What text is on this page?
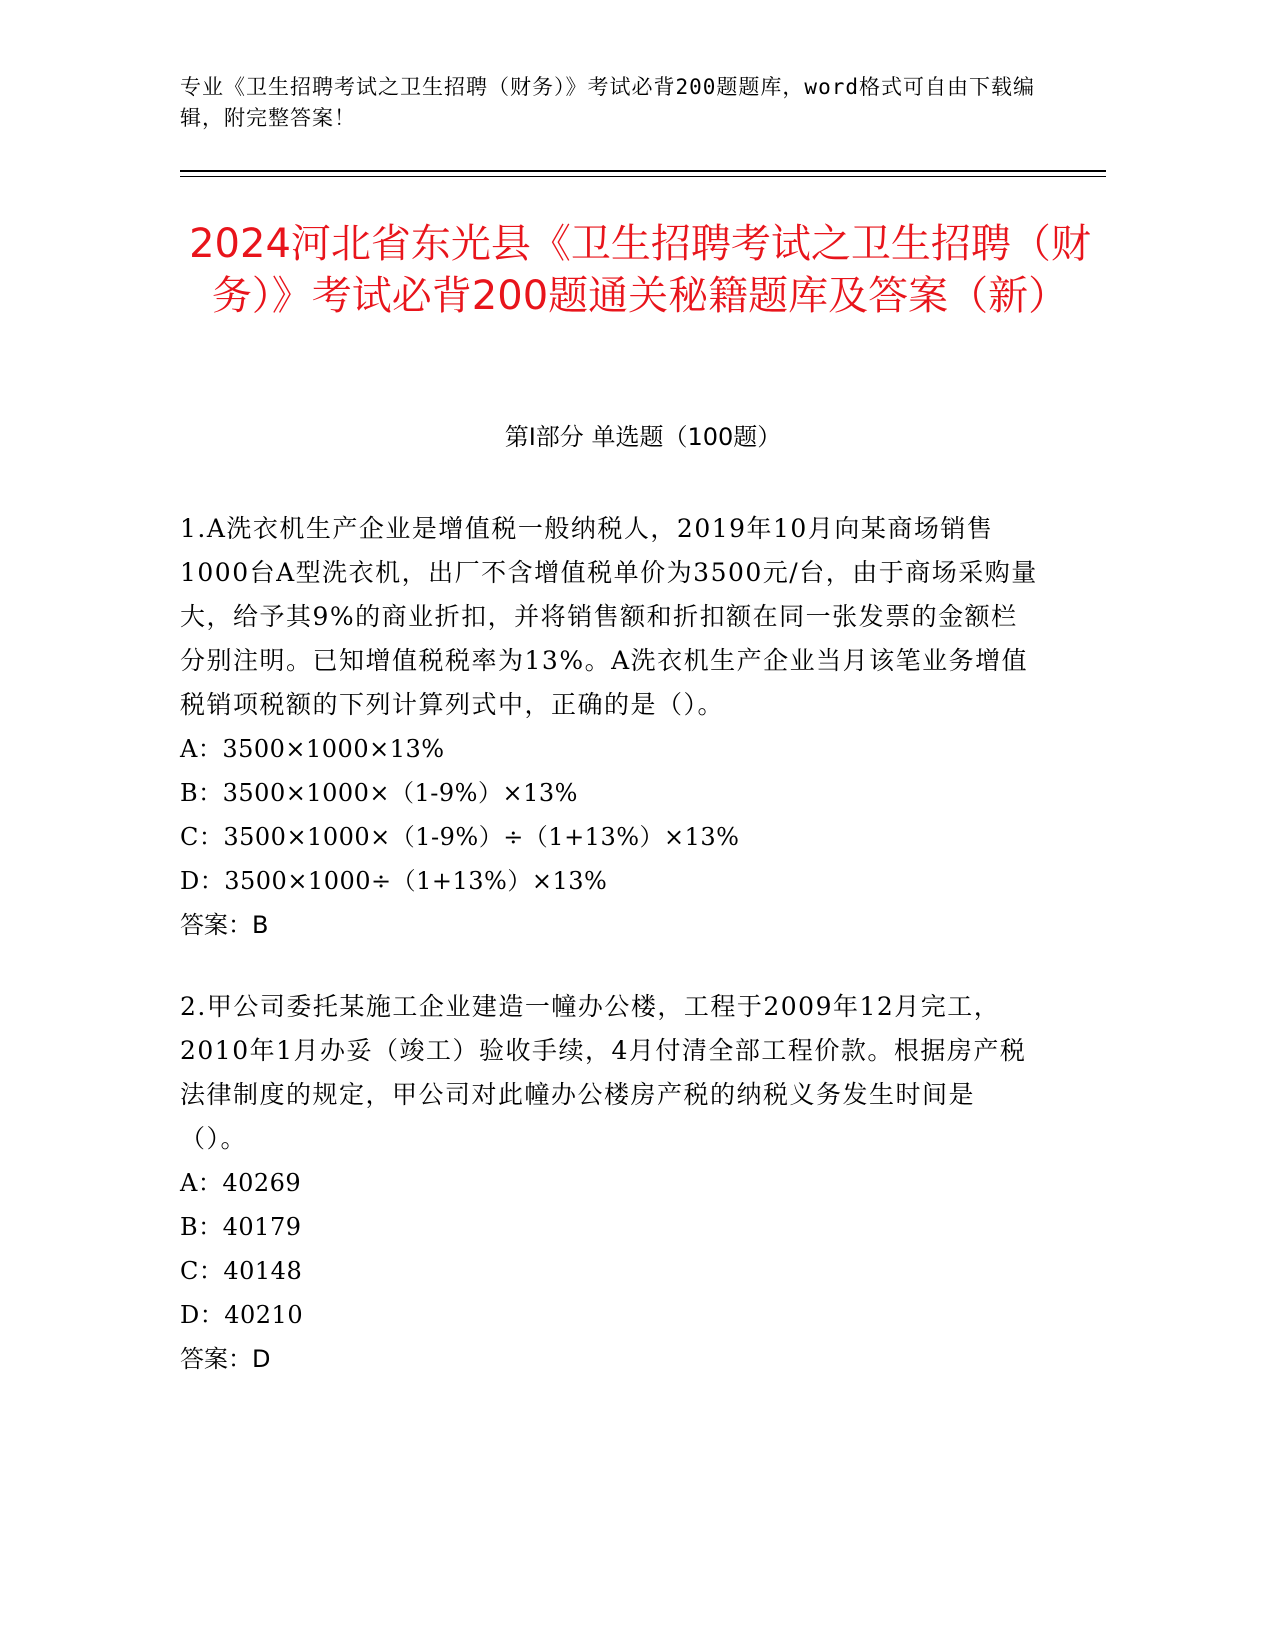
专业《卫生招聘考试之卫生招聘（财务）》考试必背200题题库，word格式可自由下载编辑，附完整答案！
2024河北省东光县《卫生招聘考试之卫生招聘（财务）》考试必背200题通关秘籍题库及答案（新）
第Ⅰ部分 单选题（100题）
1.A洗衣机生产企业是增值税一般纳税人，2019年10月向某商场销售1000台A型洗衣机，出厂不含增值税单价为3500元/台，由于商场采购量大，给予其9%的商业折扣，并将销售额和折扣额在同一张发票的金额栏分别注明。已知增值税税率为13%。A洗衣机生产企业当月该笔业务增值税销项税额的下列计算列式中，正确的是（）。
A：3500×1000×13%
B：3500×1000×（1-9%）×13%
C：3500×1000×（1-9%）÷（1+13%）×13%
D：3500×1000÷（1+13%）×13%
答案：B
2.甲公司委托某施工企业建造一幢办公楼，工程于2009年12月完工，2010年1月办妥（竣工）验收手续，4月付清全部工程价款。根据房产税法律制度的规定，甲公司对此幢办公楼房产税的纳税义务发生时间是（）。
A：40269
B：40179
C：40148
D：40210
答案：D
